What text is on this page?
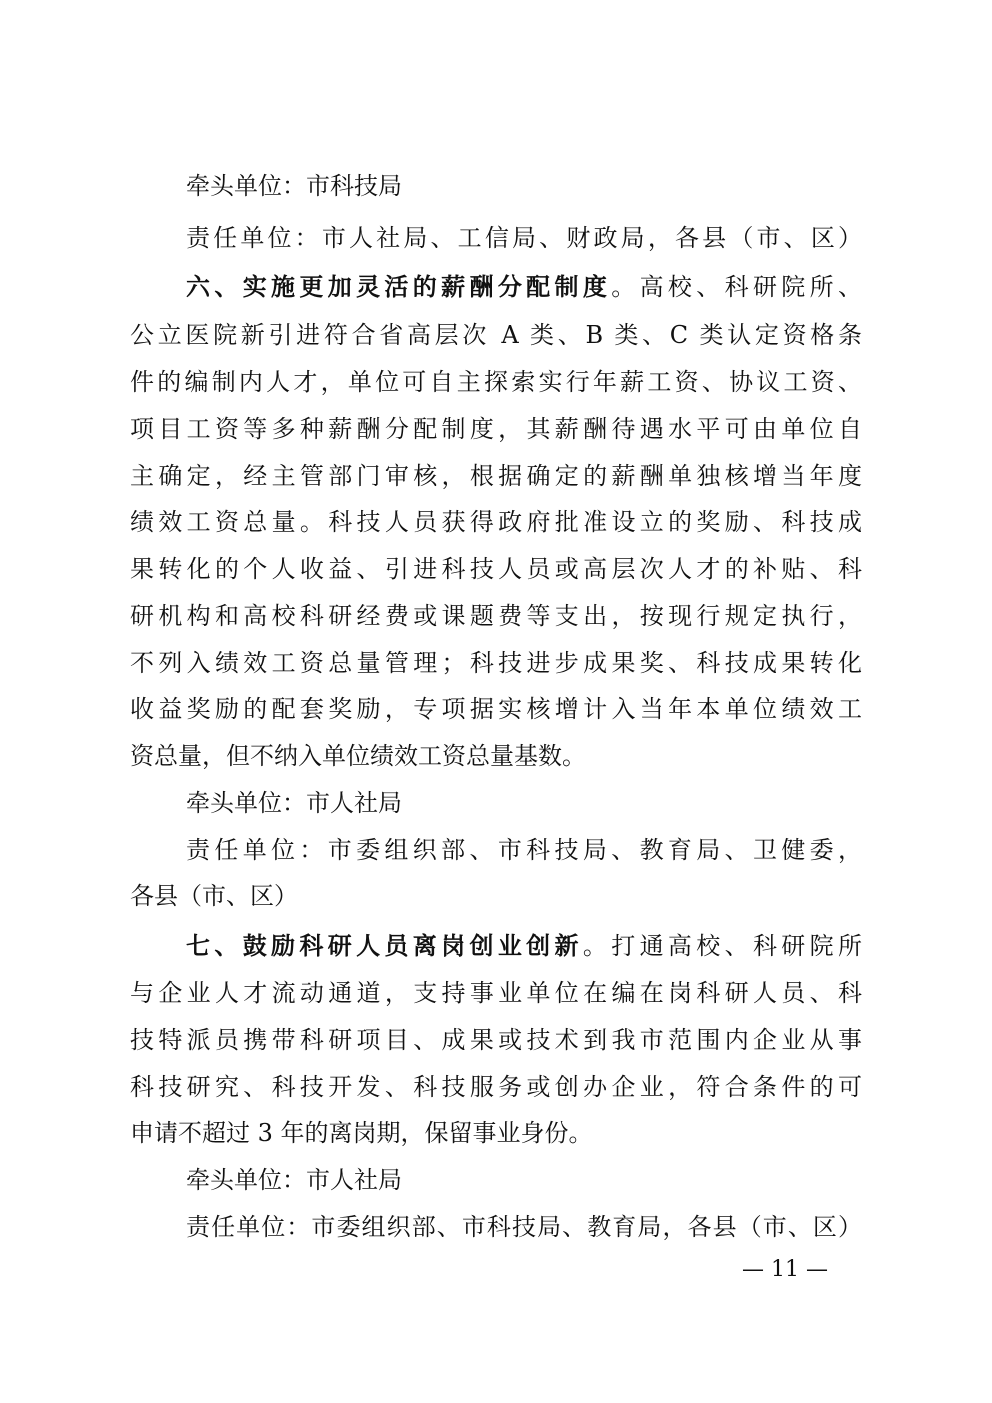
牵头单位：市科技局
责任单位：市人社局、工信局、财政局，各县（市、区）
六、实施更加灵活的薪酬分配制度。高校、科研院所、
公立医院新引进符合省高层次 A 类、B 类、C 类认定资格条
件的编制内人才，单位可自主探索实行年薪工资、协议工资、
项目工资等多种薪酬分配制度，其薪酬待遇水平可由单位自
主确定，经主管部门审核，根据确定的薪酬单独核增当年度
绩效工资总量。科技人员获得政府批准设立的奖励、科技成
果转化的个人收益、引进科技人员或高层次人才的补贴、科
研机构和高校科研经费或课题费等支出，按现行规定执行，
不列入绩效工资总量管理；科技进步成果奖、科技成果转化
收益奖励的配套奖励，专项据实核增计入当年本单位绩效工
资总量，但不纳入单位绩效工资总量基数。
牵头单位：市人社局
责任单位：市委组织部、市科技局、教育局、卫健委，
各县（市、区）
七、鼓励科研人员离岗创业创新。打通高校、科研院所
与企业人才流动通道，支持事业单位在编在岗科研人员、科
技特派员携带科研项目、成果或技术到我市范围内企业从事
科技研究、科技开发、科技服务或创办企业，符合条件的可
申请不超过 3 年的离岗期，保留事业身份。
牵头单位：市人社局
责任单位：市委组织部、市科技局、教育局，各县（市、区）
— 11 —
